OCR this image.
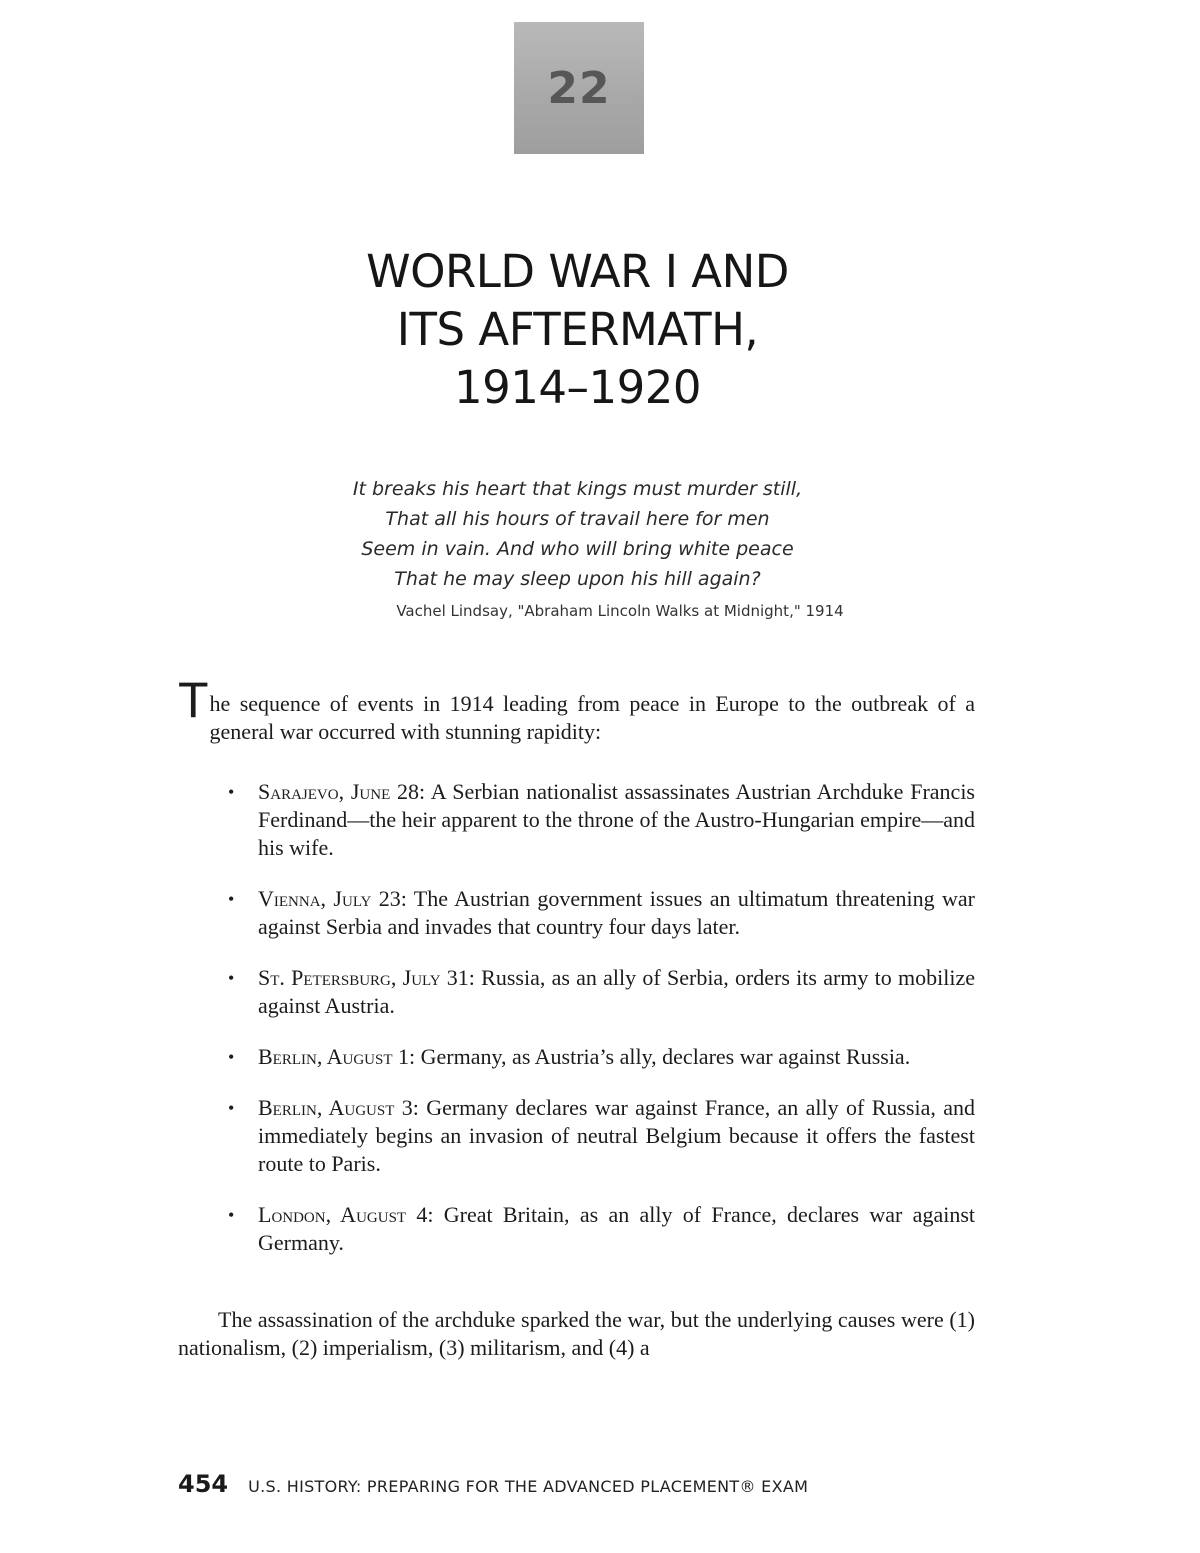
22
WORLD WAR I AND
ITS AFTERMATH,
1914–1920
It breaks his heart that kings must murder still,
That all his hours of travail here for men
Seem in vain. And who will bring white peace
That he may sleep upon his hill again?
Vachel Lindsay, "Abraham Lincoln Walks at Midnight," 1914

The sequence of events in 1914 leading from peace in Europe to the outbreak of a general war occurred with stunning rapidity:

• Sarajevo, June 28: A Serbian nationalist assassinates Austrian Archduke Francis Ferdinand—the heir apparent to the throne of the Austro-Hungarian empire—and his wife.
• Vienna, July 23: The Austrian government issues an ultimatum threatening war against Serbia and invades that country four days later.
• St. Petersburg, July 31: Russia, as an ally of Serbia, orders its army to mobilize against Austria.
• Berlin, August 1: Germany, as Austria’s ally, declares war against Russia.
• Berlin, August 3: Germany declares war against France, an ally of Russia, and immediately begins an invasion of neutral Belgium because it offers the fastest route to Paris.
• London, August 4: Great Britain, as an ally of France, declares war against Germany.

The assassination of the archduke sparked the war, but the underlying causes were (1) nationalism, (2) imperialism, (3) militarism, and (4) a

454 U.S. HISTORY: PREPARING FOR THE ADVANCED PLACEMENT® EXAM
